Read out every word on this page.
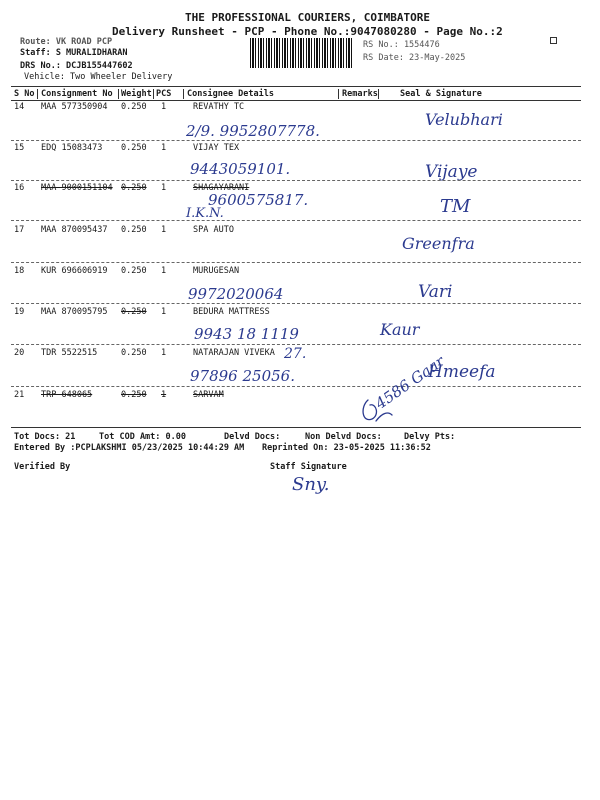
THE PROFESSIONAL COURIERS, COIMBATORE
Delivery Runsheet - PCP - Phone No.:9047080280 - Page No.:2
Route: VK ROAD PCP
Staff: S MURALIDHARAN
DRS No.: DCJB155447602
Vehicle: Two Wheeler Delivery
RS No.: 1554476
RS Date: 23-May-2025
S No Consignment No Weight PCS Consignee Details	Remarks	Seal & Signature
14 MAA 577350904 0.250 1	REVATHY TC
2/9. 9952807778.
Velubhari
15 EDQ 15083473 0.250 1	VIJAY TEX
9443059101.	Vijaye
16 MAA 9000151104 0.250 1	SHAGAYARANI
9600575817.
I.K.N.	TM
17 MAA 870095437 0.250 1	SPA AUTO
Greenfra
18 KUR 696606919 0.250 1	MURUGESAN
9972020064	Vari
19 MAA 870095795 0.250 1	BEDURA MATTRESS
9943 18 1119	Kaur
20 TDR 5522515	0.250 1	NATARAJAN VIVEKA 27.
97896 25056.	Hmeefa
21 TRP 648065	0.250 1	SARVAM	4586 Gaar
Tot Docs: 21	Tot COD Amt: 0.00	Delvd Docs:	Non Delvd Docs:	Delvy Pts:
Entered By :PCPLAKSHMI 05/23/2025 10:44:29 AM Reprinted On: 23-05-2025 11:36:52
Verified By	Staff Signature
Sny.
